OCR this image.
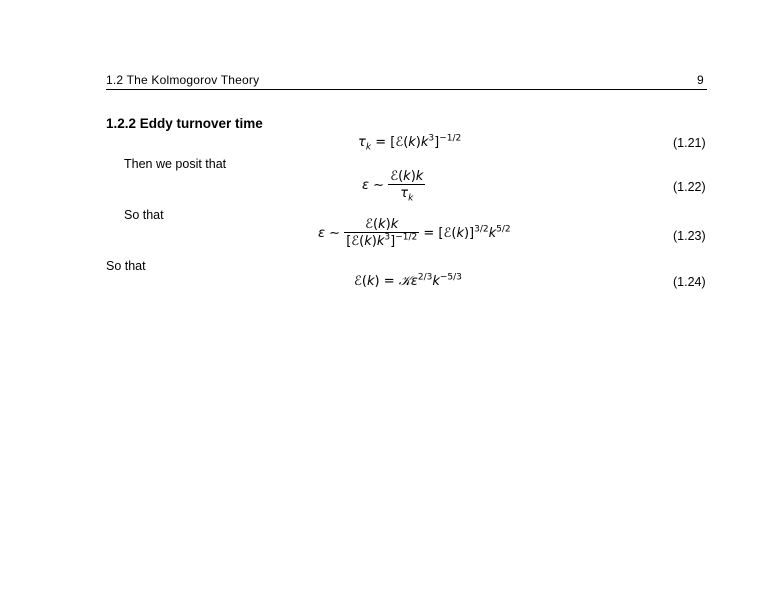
1.2 The Kolmogorov Theory	9
1.2.2 Eddy turnover time
$\tau_k$ = $[ℰ(k)k^3]^{-1/2}$	(1.21)
Then we posit that
ε ∼ $\frac{\text{ℰ(k)k}}{\tau_k}$	(1.22)
So that
ε ∼ $\frac{\text{ℰ(k)k}}{[ℰ(k)k^3]^{-1/2}}$ = $[ℰ(k)]^{3/2}k^{5/2}$	(1.23)
So that
ℰ(k) = $𝒦\varepsilon^{2/3}k^{-5/3}$	(1.24)
